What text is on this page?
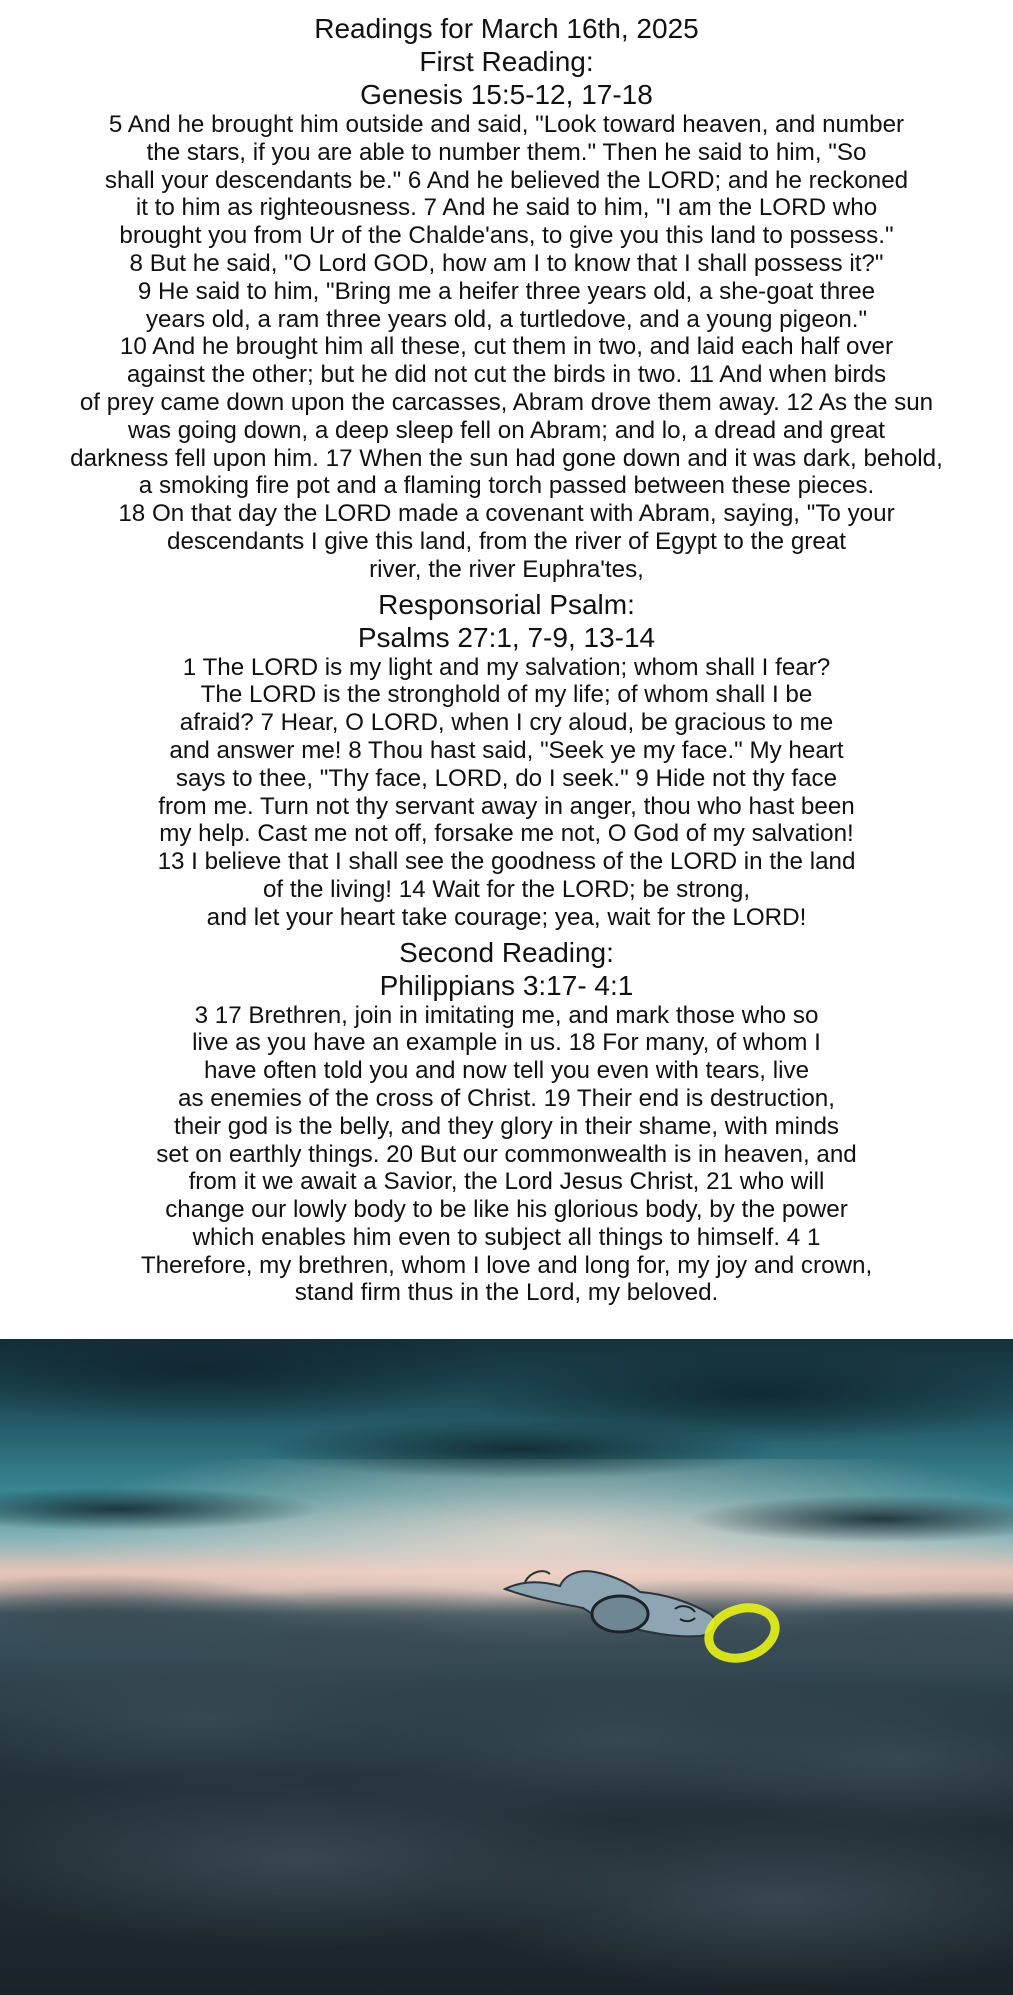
Readings for March 16th, 2025
First Reading:
Genesis 15:5-12, 17-18
5 And he brought him outside and said, "Look toward heaven, and number
the stars, if you are able to number them." Then he said to him, "So
shall your descendants be." 6 And he believed the LORD; and he reckoned
it to him as righteousness. 7 And he said to him, "I am the LORD who
brought you from Ur of the Chalde'ans, to give you this land to possess."
8 But he said, "O Lord GOD, how am I to know that I shall possess it?"
9 He said to him, "Bring me a heifer three years old, a she-goat three
years old, a ram three years old, a turtledove, and a young pigeon."
10 And he brought him all these, cut them in two, and laid each half over
against the other; but he did not cut the birds in two. 11 And when birds
of prey came down upon the carcasses, Abram drove them away. 12 As the sun
was going down, a deep sleep fell on Abram; and lo, a dread and great
darkness fell upon him. 17 When the sun had gone down and it was dark, behold,
a smoking fire pot and a flaming torch passed between these pieces.
18 On that day the LORD made a covenant with Abram, saying, "To your
descendants I give this land, from the river of Egypt to the great
river, the river Euphra'tes,
Responsorial Psalm:
Psalms 27:1, 7-9, 13-14
1 The LORD is my light and my salvation; whom shall I fear?
The LORD is the stronghold of my life; of whom shall I be
afraid? 7 Hear, O LORD, when I cry aloud, be gracious to me
and answer me! 8 Thou hast said, "Seek ye my face." My heart
says to thee, "Thy face, LORD, do I seek." 9 Hide not thy face
from me. Turn not thy servant away in anger, thou who hast been
my help. Cast me not off, forsake me not, O God of my salvation!
13 I believe that I shall see the goodness of the LORD in the land
of the living! 14 Wait for the LORD; be strong,
and let your heart take courage; yea, wait for the LORD!
Second Reading:
Philippians 3:17- 4:1
3 17 Brethren, join in imitating me, and mark those who so
live as you have an example in us. 18 For many, of whom I
have often told you and now tell you even with tears, live
as enemies of the cross of Christ. 19 Their end is destruction,
their god is the belly, and they glory in their shame, with minds
set on earthly things. 20 But our commonwealth is in heaven, and
from it we await a Savior, the Lord Jesus Christ, 21 who will
change our lowly body to be like his glorious body, by the power
which enables him even to subject all things to himself. 4 1
Therefore, my brethren, whom I love and long for, my joy and crown,
stand firm thus in the Lord, my beloved.
